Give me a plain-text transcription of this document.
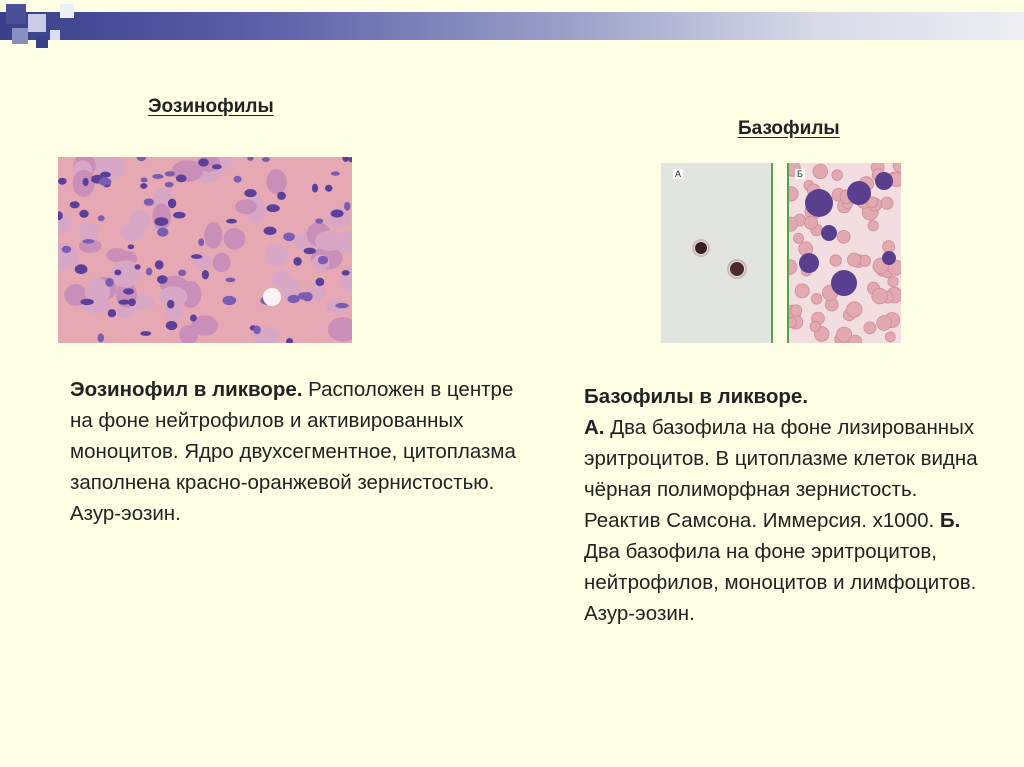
Эозинофилы
Эозинофил в ликворе. Расположен в центре на фоне нейтрофилов и активированных моноцитов. Ядро двухсегментное, цитоплазма заполнена красно-оранжевой зернистостью. Азур-эозин.
Базофилы
А	Б
Базофилы в ликворе.
А. Два базофила на фоне лизированных эритроцитов. В цитоплазме клеток видна чёрная полиморфная зернистость. Реактив Самсона. Иммерсия. х1000. Б. Два базофила на фоне эритроцитов, нейтрофилов, моноцитов и лимфоцитов. Азур-эозин.
